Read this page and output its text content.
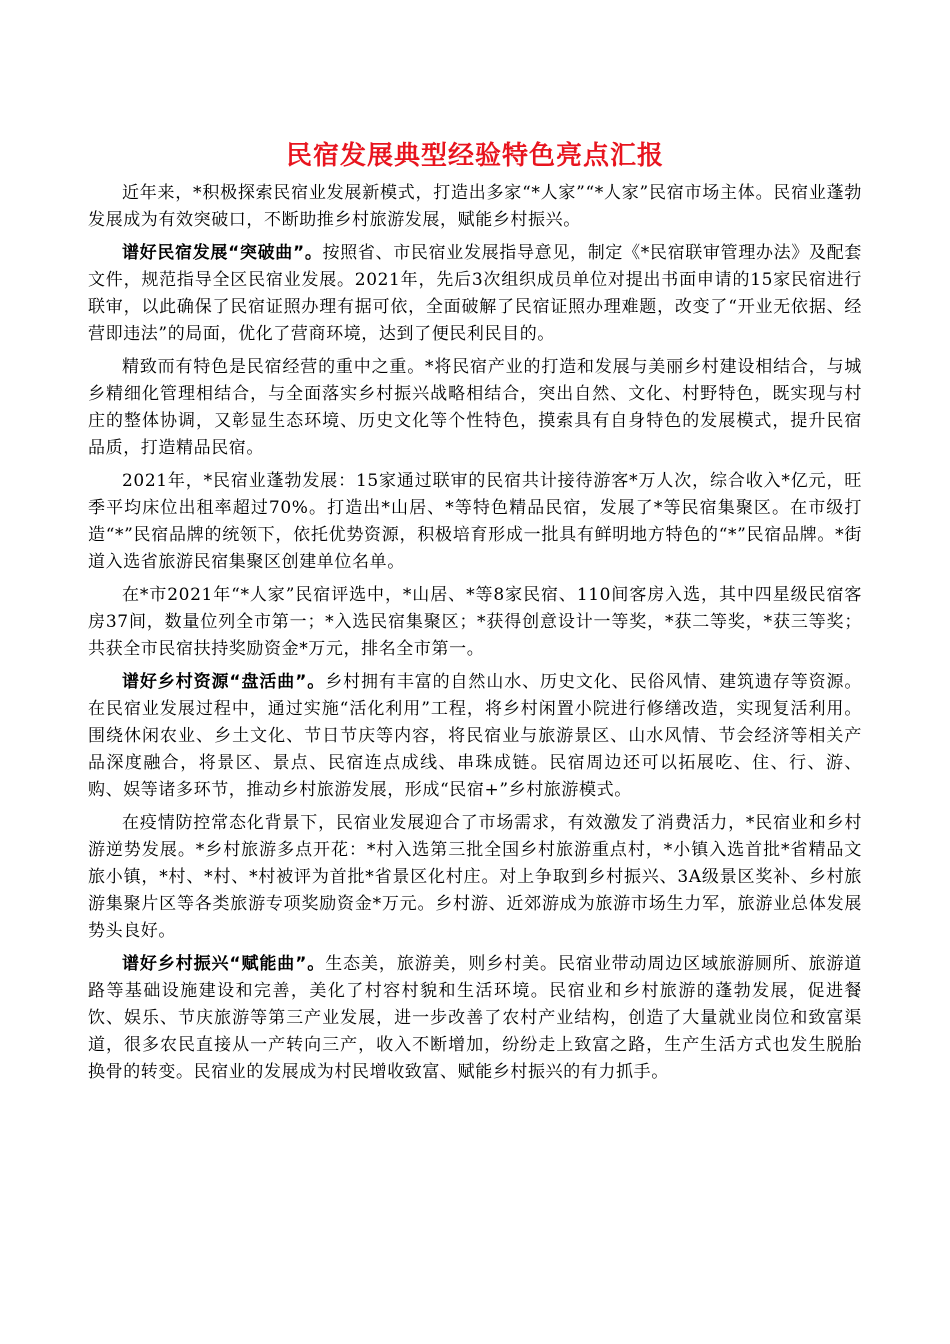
民宿发展典型经验特色亮点汇报

近年来，*积极探索民宿业发展新模式，打造出多家“*人家”“*人家”民宿市场主体。民宿业蓬勃发展成为有效突破口，不断助推乡村旅游发展，赋能乡村振兴。

谱好民宿发展“突破曲”。按照省、市民宿业发展指导意见，制定《*民宿联审管理办法》及配套文件，规范指导全区民宿业发展。2021年，先后3次组织成员单位对提出书面申请的15家民宿进行联审，以此确保了民宿证照办理有据可依，全面破解了民宿证照办理难题，改变了“开业无依据、经营即违法”的局面，优化了营商环境，达到了便民利民目的。

精致而有特色是民宿经营的重中之重。*将民宿产业的打造和发展与美丽乡村建设相结合，与城乡精细化管理相结合，与全面落实乡村振兴战略相结合，突出自然、文化、村野特色，既实现与村庄的整体协调，又彰显生态环境、历史文化等个性特色，摸索具有自身特色的发展模式，提升民宿品质，打造精品民宿。

2021年，*民宿业蓬勃发展：15家通过联审的民宿共计接待游客*万人次，综合收入*亿元，旺季平均床位出租率超过70%。打造出*山居、*等特色精品民宿，发展了*等民宿集聚区。在市级打造“*”民宿品牌的统领下，依托优势资源，积极培育形成一批具有鲜明地方特色的“*”民宿品牌。*街道入选省旅游民宿集聚区创建单位名单。

在*市2021年“*人家”民宿评选中，*山居、*等8家民宿、110间客房入选，其中四星级民宿客房37间，数量位列全市第一；*入选民宿集聚区；*获得创意设计一等奖，*获二等奖，*获三等奖；共获全市民宿扶持奖励资金*万元，排名全市第一。

谱好乡村资源“盘活曲”。乡村拥有丰富的自然山水、历史文化、民俗风情、建筑遗存等资源。在民宿业发展过程中，通过实施“活化利用”工程，将乡村闲置小院进行修缮改造，实现复活利用。围绕休闲农业、乡土文化、节日节庆等内容，将民宿业与旅游景区、山水风情、节会经济等相关产品深度融合，将景区、景点、民宿连点成线、串珠成链。民宿周边还可以拓展吃、住、行、游、购、娱等诸多环节，推动乡村旅游发展，形成“民宿+”乡村旅游模式。

在疫情防控常态化背景下，民宿业发展迎合了市场需求，有效激发了消费活力，*民宿业和乡村游逆势发展。*乡村旅游多点开花：*村入选第三批全国乡村旅游重点村，*小镇入选首批*省精品文旅小镇，*村、*村、*村被评为首批*省景区化村庄。对上争取到乡村振兴、3A级景区奖补、乡村旅游集聚片区等各类旅游专项奖励资金*万元。乡村游、近郊游成为旅游市场生力军，旅游业总体发展势头良好。

谱好乡村振兴“赋能曲”。生态美，旅游美，则乡村美。民宿业带动周边区域旅游厕所、旅游道路等基础设施建设和完善，美化了村容村貌和生活环境。民宿业和乡村旅游的蓬勃发展，促进餐饮、娱乐、节庆旅游等第三产业发展，进一步改善了农村产业结构，创造了大量就业岗位和致富渠道，很多农民直接从一产转向三产，收入不断增加，纷纷走上致富之路，生产生活方式也发生脱胎换骨的转变。民宿业的发展成为村民增收致富、赋能乡村振兴的有力抓手。
